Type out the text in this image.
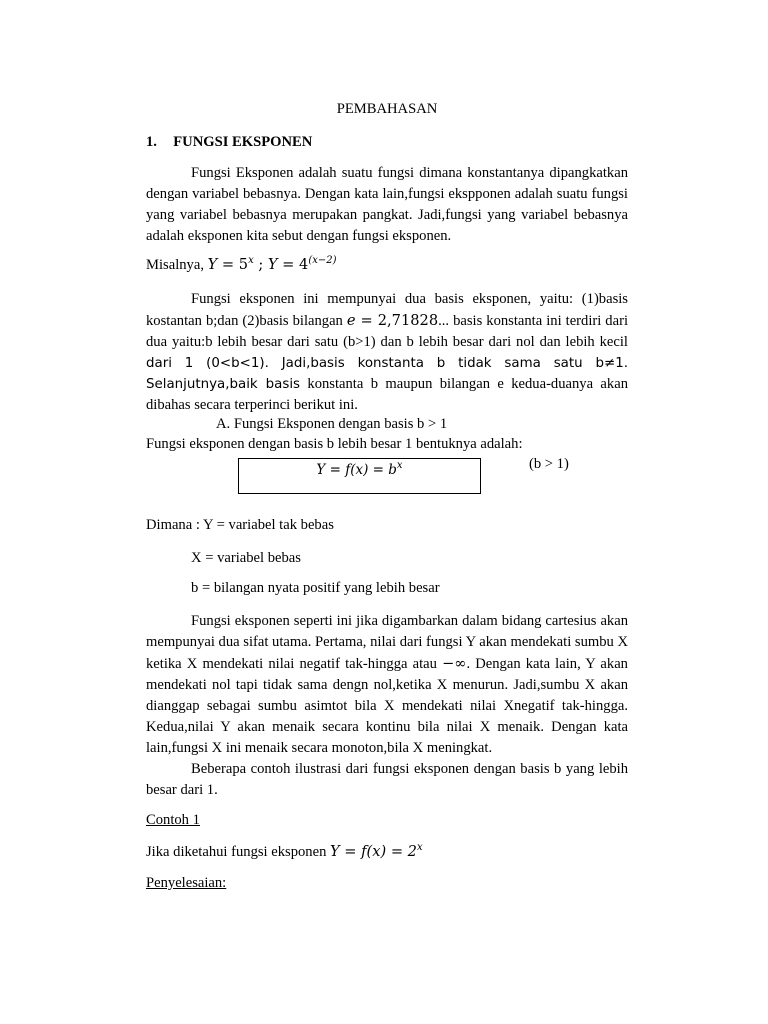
PEMBAHASAN
1. FUNGSI EKSPONEN
Fungsi Eksponen adalah suatu fungsi dimana konstantanya dipangkatkan dengan variabel bebasnya. Dengan kata lain,fungsi ekspponen adalah suatu fungsi yang variabel bebasnya merupakan pangkat. Jadi,fungsi yang variabel bebasnya adalah eksponen kita sebut dengan fungsi eksponen.
Misalnya, $Y = 5^x$ ; $Y = 4^{(x-2)}$
Fungsi eksponen ini mempunyai dua basis eksponen, yaitu: (1)basis kostantan b;dan (2)basis bilangan e = 2,71828... basis konstanta ini terdiri dari dua yaitu:b lebih besar dari satu (b>1) dan b lebih besar dari nol dan lebih kecil dari 1 (0<b<1). Jadi,basis konstanta b tidak sama satu b≠1. Selanjutnya,baik basis konstanta b maupun bilangan e kedua-duanya akan dibahas secara terperinci berikut ini.
A. Fungsi Eksponen dengan basis b > 1
Fungsi eksponen dengan basis b lebih besar 1 bentuknya adalah:
$Y = f(x) = b^x$	(b > 1)
Dimana : Y = variabel tak bebas
X = variabel bebas
b = bilangan nyata positif yang lebih besar
Fungsi eksponen seperti ini jika digambarkan dalam bidang cartesius akan mempunyai dua sifat utama. Pertama, nilai dari fungsi Y akan mendekati sumbu X ketika X mendekati nilai negatif tak-hingga atau −∞. Dengan kata lain, Y akan mendekati nol tapi tidak sama dengn nol,ketika X menurun. Jadi,sumbu X akan dianggap sebagai sumbu asimtot bila X mendekati nilai Xnegatif tak-hingga. Kedua,nilai Y akan menaik secara kontinu bila nilai X menaik. Dengan kata lain,fungsi X ini menaik secara monoton,bila X meningkat.
Beberapa contoh ilustrasi dari fungsi eksponen dengan basis b yang lebih besar dari 1.
Contoh 1
Jika diketahui fungsi eksponen $Y = f(x) = 2^x$
Penyelesaian:
